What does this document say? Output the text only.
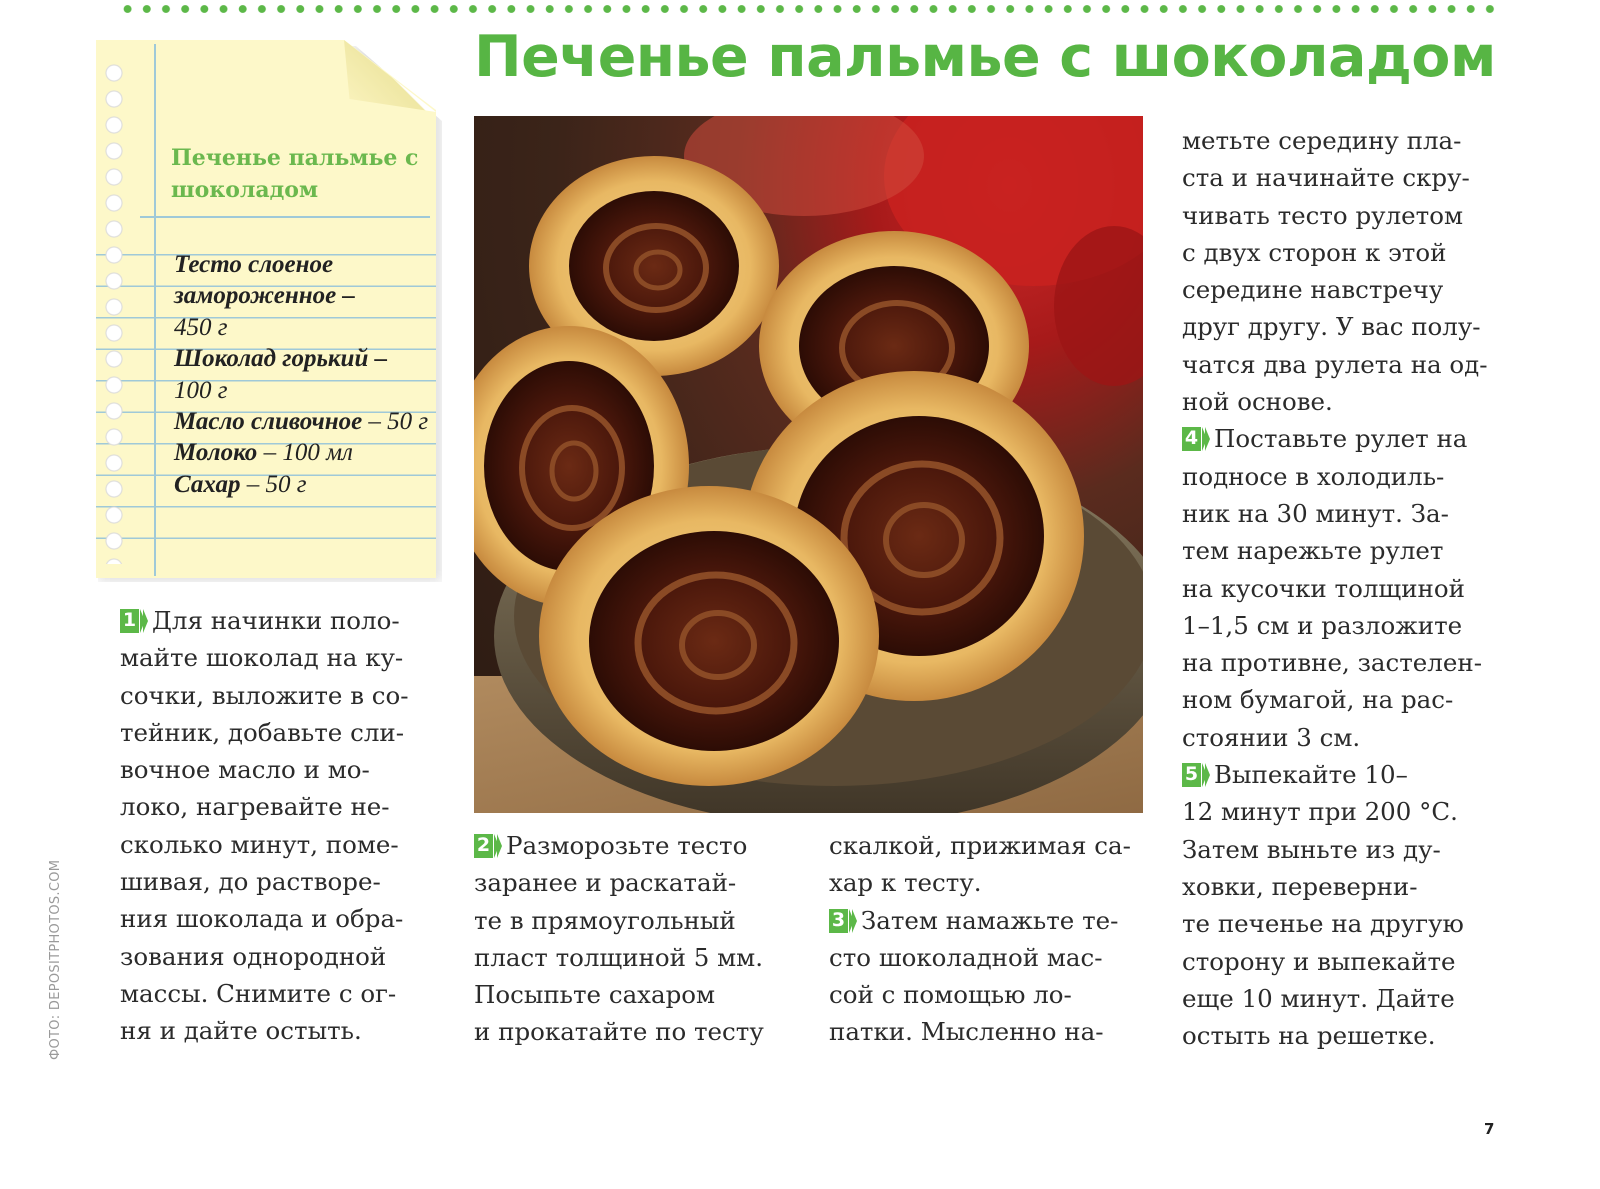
Печенье пальмье с шоколадом

Печенье пальмье с шоколадом

Тесто слоеное замороженное –
450 г
Шоколад горький –
100 г
Масло сливочное – 50 г
Молоко – 100 мл
Сахар – 50 г
1 Для начинки поло-
майте шоколад на ку-
сочки, выложите в со-
тейник, добавьте сли-
вочное масло и мо-
локо, нагревайте не-
сколько минут, поме-
шивая, до растворе-
ния шоколада и обра-
зования однородной
массы. Снимите с ог-
ня и дайте остыть.
2 Разморозьте тесто
заранее и раскатай-
те в прямоугольный
пласт толщиной 5 мм.
Посыпьте сахаром
и прокатайте по тесту
скалкой, прижимая са-
хар к тесту.
3 Затем намажьте те-
сто шоколадной мас-
сой с помощью ло-
патки. Мысленно на-
метьте середину пла-
ста и начинайте скру-
чивать тесто рулетом
с двух сторон к этой
середине навстречу
друг другу. У вас полу-
чатся два рулета на од-
ной основе.
4 Поставьте рулет на
подносе в холодиль-
ник на 30 минут. За-
тем нарежьте рулет
на кусочки толщиной
1–1,5 см и разложите
на противне, застелен-
ном бумагой, на рас-
стоянии 3 см.
5 Выпекайте 10–
12 минут при 200 °С.
Затем выньте из ду-
ховки, переверни-
те печенье на другую
сторону и выпекайте
еще 10 минут. Дайте
остыть на решетке.
ФОТО: DEPOSITPHOTOS.COM
7
